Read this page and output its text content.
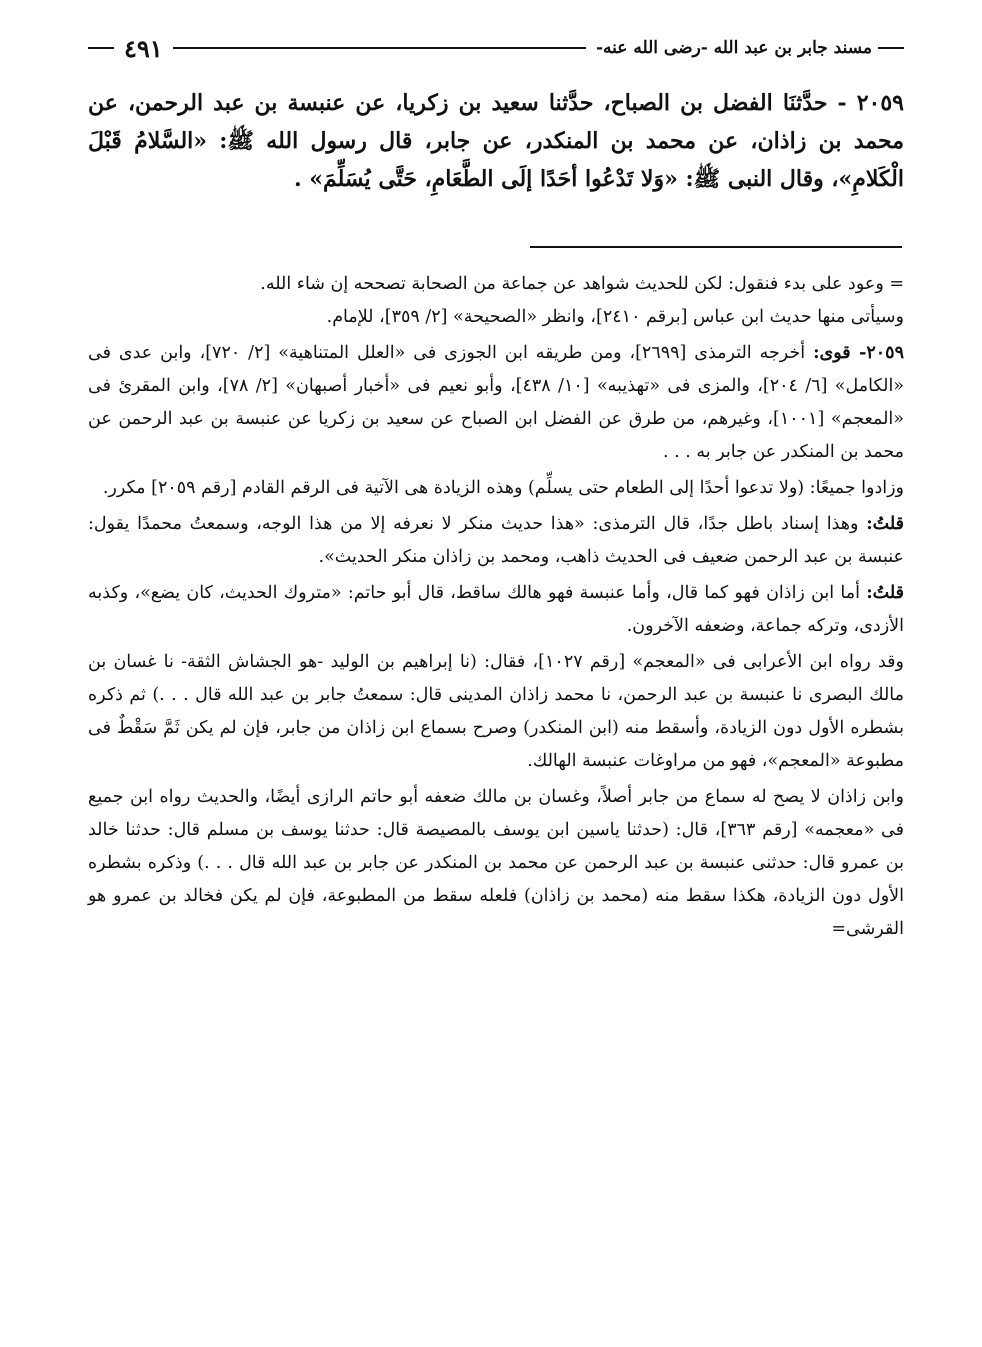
مسند جابر بن عبد الله -رضى الله عنه-
٤٩١
٢٠٥٩ - حدَّثنَا الفضل بن الصباح، حدَّثنا سعيد بن زكريا، عن عنبسة بن عبد الرحمن، عن محمد بن زاذان، عن محمد بن المنكدر، عن جابر، قال رسول الله ﷺ: «السَّلامُ قَبْلَ الْكَلامِ»، وقال النبى ﷺ: «وَلا تَدْعُوا أحَدًا إلَى الطَّعَامِ، حَتَّى يُسَلِّمَ» .

= وعود على بدء فنقول: لكن للحديث شواهد عن جماعة من الصحابة تصححه إن شاء الله.
وسيأتى منها حديث ابن عباس [برقم ٢٤١٠]، وانظر «الصحيحة» [٢/ ٣٥٩]، للإمام.

٢٠٥٩- قوى: أخرجه الترمذى [٢٦٩٩]، ومن طريقه ابن الجوزى فى «العلل المتناهية» [٢/ ٧٢٠]، وابن عدى فى «الكامل» [٦/ ٢٠٤]، والمزى فى «تهذيبه» [١٠/ ٤٣٨]، وأبو نعيم فى «أخبار أصبهان» [٢/ ٧٨]، وابن المقرئ فى «المعجم» [١٠٠١]، وغيرهم، من طرق عن الفضل ابن الصباح عن سعيد بن زكريا عن عنبسة بن عبد الرحمن عن محمد بن المنكدر عن جابر به . . .

وزادوا جميعًا: (ولا تدعوا أحدًا إلى الطعام حتى يسلِّم) وهذه الزيادة هى الآتية فى الرقم القادم [رقم ٢٠٥٩] مكرر.

قلتُ: وهذا إسناد باطل جدًا، قال الترمذى: «هذا حديث منكر لا نعرفه إلا من هذا الوجه، وسمعتُ محمدًا يقول: عنبسة بن عبد الرحمن ضعيف فى الحديث ذاهب، ومحمد بن زاذان منكر الحديث».

قلتُ: أما ابن زاذان فهو كما قال، وأما عنبسة فهو هالك ساقط، قال أبو حاتم: «متروك الحديث، كان يضع»، وكذبه الأزدى، وتركه جماعة، وضعفه الآخرون.

وقد رواه ابن الأعرابى فى «المعجم» [رقم ١٠٢٧]، فقال: (نا إبراهيم بن الوليد -هو الجشاش الثقة- نا غسان بن مالك البصرى نا عنبسة بن عبد الرحمن، نا محمد زاذان المدينى قال: سمعتُ جابر بن عبد الله قال . . .) ثم ذكره بشطره الأول دون الزيادة، وأسقط منه (ابن المنكدر) وصرح بسماع ابن زاذان من جابر، فإن لم يكن ثَمَّ سَقْطٌ فى مطبوعة «المعجم»، فهو من مراوغات عنبسة الهالك.

وابن زاذان لا يصح له سماع من جابر أصلاً، وغسان بن مالك ضعفه أبو حاتم الرازى أيضًا، والحديث رواه ابن جميع فى «معجمه» [رقم ٣٦٣]، قال: (حدثنا ياسين ابن يوسف بالمصيصة قال: حدثنا يوسف بن مسلم قال: حدثنا خالد بن عمرو قال: حدثنى عنبسة بن عبد الرحمن عن محمد بن المنكدر عن جابر بن عبد الله قال . . .) وذكره بشطره الأول دون الزيادة، هكذا سقط منه (محمد بن زاذان) فلعله سقط من المطبوعة، فإن لم يكن فخالد بن عمرو هو القرشى=
